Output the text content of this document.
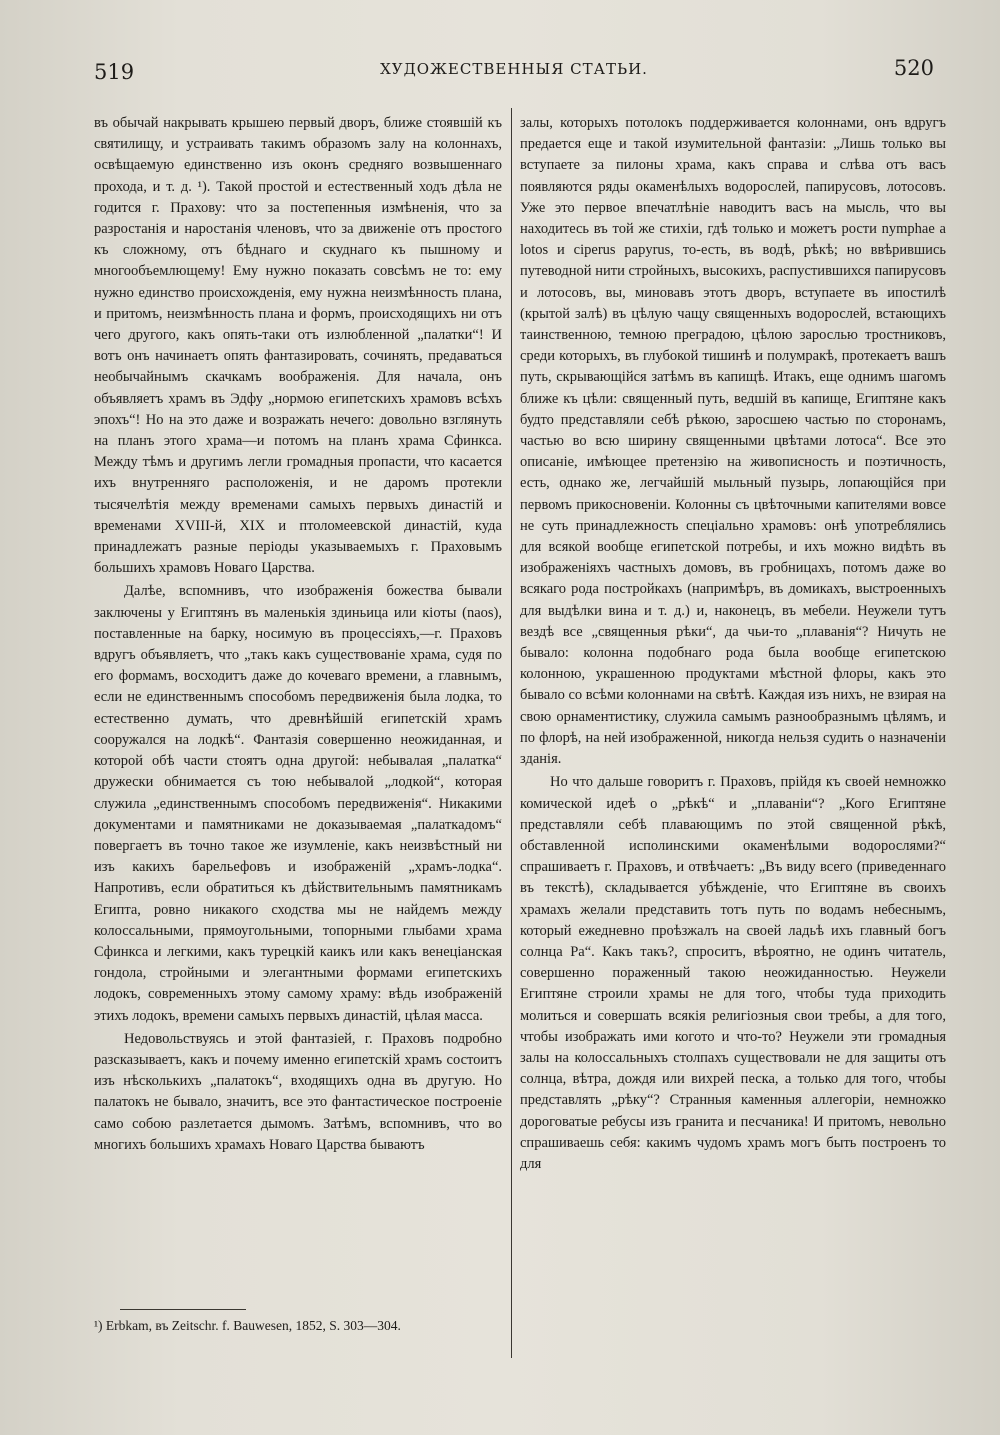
519	ХУДОЖЕСТВЕННЫЯ СТАТЬИ.	520

въ обычай накрывать крышею первый дворъ, ближе стоявшій къ святилищу, и устраивать такимъ образомъ залу на колоннахъ, освѣщаемую единственно изъ оконъ средняго возвышеннаго прохода, и т. д. ¹). Такой простой и естественный ходъ дѣла не годится г. Прахову: что за постепенныя измѣненія, что за разростанія и наростанія членовъ, что за движеніе отъ простого къ сложному, отъ бѣднаго и скуднаго къ пышному и многообъемлющему! Ему нужно показать совсѣмъ не то: ему нужно единство происхожденія, ему нужна неизмѣнность плана, и притомъ, неизмѣнность плана и формъ, происходящихъ ни отъ чего другого, какъ опять-таки отъ излюбленной „палатки“! И вотъ онъ начинаетъ опять фантазировать, сочинять, предаваться необычайнымъ скачкамъ воображенія. Для начала, онъ объявляетъ храмъ въ Эдфу „нормою египетскихъ храмовъ всѣхъ эпохъ“! Но на это даже и возражать нечего: довольно взглянуть на планъ этого храма—и потомъ на планъ храма Сфинкса. Между тѣмъ и другимъ легли громадныя пропасти, что касается ихъ внутренняго расположенія, и не даромъ протекли тысячелѣтія между временами самыхъ первыхъ династій и временами XVIII-й, XIX и птоломеевской династій, куда принадлежатъ разные періоды указываемыхъ г. Праховымъ большихъ храмовъ Новаго Царства.

Далѣе, вспомнивъ, что изображенія божества бывали заключены у Египтянъ въ маленькія здиньица или кіоты (naos), поставленные на барку, носимую въ процессіяхъ,—г. Праховъ вдругъ объявляетъ, что „такъ какъ существованіе храма, судя по его формамъ, восходитъ даже до кочеваго времени, а главнымъ, если не единственнымъ способомъ передвиженія была лодка, то естественно думать, что древнѣйшій египетскій храмъ сооружался на лодкѣ“. Фантазія совершенно неожиданная, и которой обѣ части стоятъ одна другой: небывалая „палатка“ дружески обнимается съ тою небывалой „лодкой“, которая служила „единственнымъ способомъ передвиженія“. Никакими документами и памятниками не доказываемая „палаткадомъ“ повергаетъ въ точно такое же изумленіе, какъ неизвѣстный ни изъ какихъ барельефовъ и изображеній „храмъ-лодка“. Напротивъ, если обратиться къ дѣйствительнымъ памятникамъ Египта, ровно никакого сходства мы не найдемъ между колоссальными, прямоугольными, топорными глыбами храма Сфинкса и легкими, какъ турецкій каикъ или какъ венеціанская гондола, стройными и элегантными формами египетскихъ лодокъ, современныхъ этому самому храму: вѣдь изображеній этихъ лодокъ, времени самыхъ первыхъ династій, цѣлая масса.

Недовольствуясь и этой фантазіей, г. Праховъ подробно разсказываетъ, какъ и почему именно египетскій храмъ состоитъ изъ нѣсколькихъ „палатокъ“, входящихъ одна въ другую. Но палатокъ не бывало, значитъ, все это фантастическое построеніе само собою разлетается дымомъ. Затѣмъ, вспомнивъ, что во многихъ большихъ храмахъ Новаго Царства бываютъ

залы, которыхъ потолокъ поддерживается колоннами, онъ вдругъ предается еще и такой изумительной фантазіи: „Лишь только вы вступаете за пилоны храма, какъ справа и слѣва отъ васъ появляются ряды окаменѣлыхъ водорослей, папирусовъ, лотосовъ. Уже это первое впечатлѣніе наводитъ васъ на мысль, что вы находитесь въ той же стихіи, гдѣ только и можетъ рости nymphae a lotos и ciperus papyrus, то-есть, въ водѣ, рѣкѣ; но ввѣрившись путеводной нити стройныхъ, высокихъ, распустившихся папирусовъ и лотосовъ, вы, миновавъ этотъ дворъ, вступаете въ ипостилѣ (крытой залѣ) въ цѣлую чащу священныхъ водорослей, встающихъ таинственною, темною преградою, цѣлою зарослью тростниковъ, среди которыхъ, въ глубокой тишинѣ и полумракѣ, протекаетъ вашъ путь, скрывающійся затѣмъ въ капищѣ. Итакъ, еще однимъ шагомъ ближе къ цѣли: священный путь, ведшій въ капище, Египтяне какъ будто представляли себѣ рѣкою, заросшею частью по сторонамъ, частью во всю ширину священными цвѣтами лотоса“. Все это описаніе, имѣющее претензію на живописность и поэтичность, есть, однако же, легчайшій мыльный пузырь, лопающійся при первомъ прикосновеніи. Колонны съ цвѣточными капителями вовсе не суть принадлежность спеціально храмовъ: онѣ употреблялись для всякой вообще египетской потребы, и ихъ можно видѣть въ изображеніяхъ частныхъ домовъ, въ гробницахъ, потомъ даже во всякаго рода постройкахъ (напримѣръ, въ домикахъ, выстроенныхъ для выдѣлки вина и т. д.) и, наконецъ, въ мебели. Неужели тутъ вездѣ все „священныя рѣки“, да чьи-то „плаванія“? Ничуть не бывало: колонна подобнаго рода была вообще египетскою колонною, украшенною продуктами мѣстной флоры, какъ это бывало со всѣми колоннами на свѣтѣ. Каждая изъ нихъ, не взирая на свою орнаментистику, служила самымъ разнообразнымъ цѣлямъ, и по флорѣ, на ней изображенной, никогда нельзя судить о назначеніи зданія.

Но что дальше говоритъ г. Праховъ, прійдя къ своей немножко комической идеѣ о „рѣкѣ“ и „плаваніи“? „Кого Египтяне представляли себѣ плавающимъ по этой священной рѣкѣ, обставленной исполинскими окаменѣлыми водорослями?“ спрашиваетъ г. Праховъ, и отвѣчаетъ: „Въ виду всего (приведеннаго въ текстѣ), складывается убѣжденіе, что Египтяне въ своихъ храмахъ желали представить тотъ путь по водамъ небеснымъ, который ежедневно проѣзжалъ на своей ладьѣ ихъ главный богъ солнца Ра“. Какъ такъ?, спроситъ, вѣроятно, не одинъ читатель, совершенно пораженный такою неожиданностью. Неужели Египтяне строили храмы не для того, чтобы туда приходить молиться и совершать всякія религіозныя свои требы, а для того, чтобы изображать ими когото и что-то? Неужели эти громадныя залы на колоссальныхъ столпахъ существовали не для защиты отъ солнца, вѣтра, дождя или вихрей песка, а только для того, чтобы представлять „рѣку“? Странныя каменныя аллегоріи, немножко дороговатые ребусы изъ гранита и песчаника! И притомъ, невольно спрашиваешь себя: какимъ чудомъ храмъ могъ быть построенъ то для

¹) Erbkam, въ Zeitschr. f. Bauwesen, 1852, S. 303—304.
